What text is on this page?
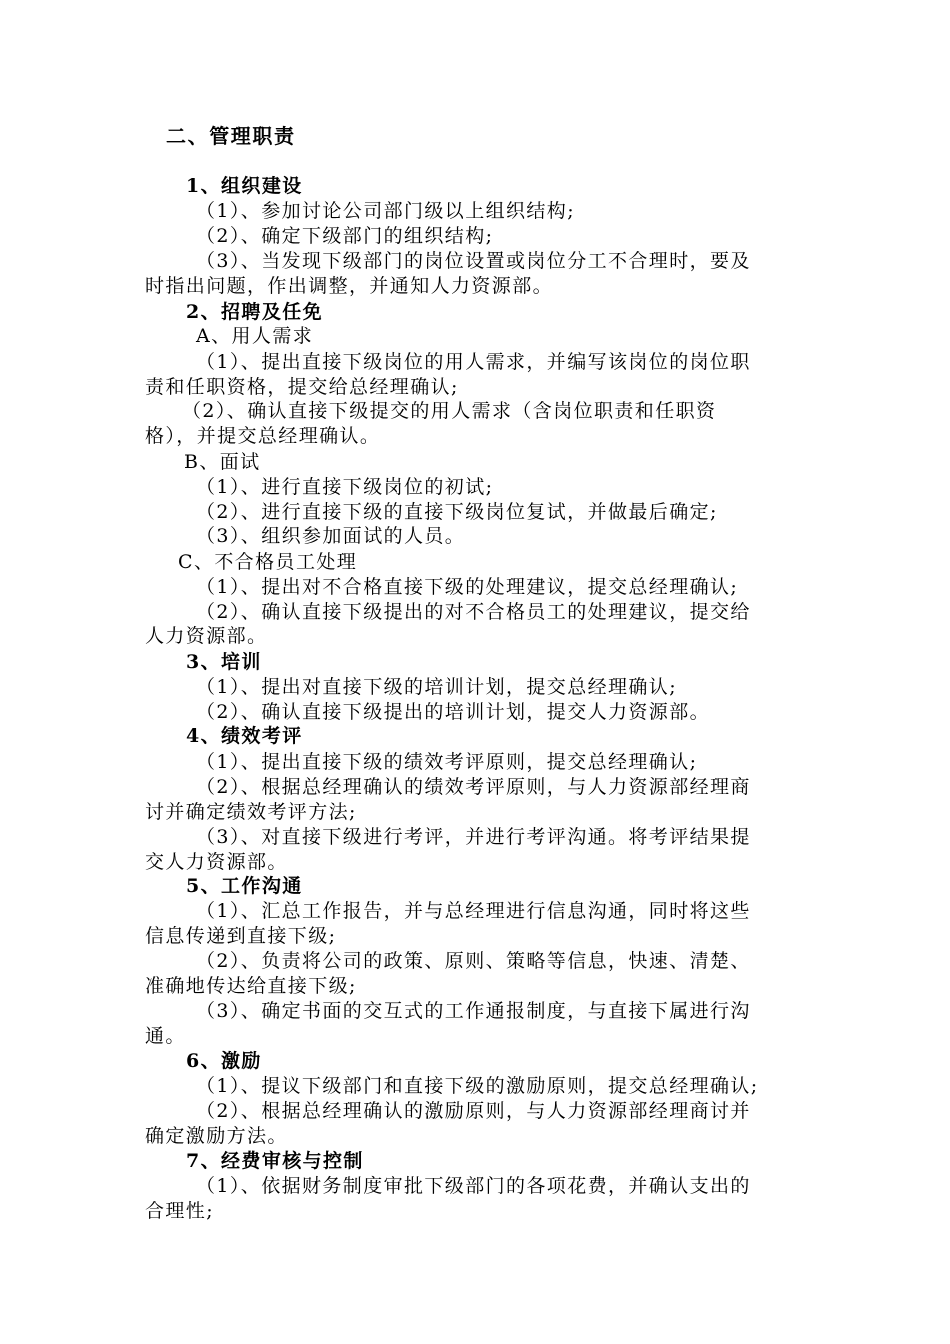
二、管理职责
1、组织建设
（1）、参加讨论公司部门级以上组织结构;
（2）、确定下级部门的组织结构;
（3）、当发现下级部门的岗位设置或岗位分工不合理时，要及
时指出问题，作出调整，并通知人力资源部。
2、招聘及任免
A、用人需求
（1）、提出直接下级岗位的用人需求，并编写该岗位的岗位职
责和任职资格，提交给总经理确认;
（2）、确认直接下级提交的用人需求（含岗位职责和任职资
格），并提交总经理确认。
B、面试
（1）、进行直接下级岗位的初试;
（2）、进行直接下级的直接下级岗位复试，并做最后确定;
（3）、组织参加面试的人员。
C、不合格员工处理
（1）、提出对不合格直接下级的处理建议，提交总经理确认;
（2）、确认直接下级提出的对不合格员工的处理建议，提交给
人力资源部。
3、培训
（1）、提出对直接下级的培训计划，提交总经理确认;
（2）、确认直接下级提出的培训计划，提交人力资源部。
4、绩效考评
（1）、提出直接下级的绩效考评原则，提交总经理确认;
（2）、根据总经理确认的绩效考评原则，与人力资源部经理商
讨并确定绩效考评方法;
（3）、对直接下级进行考评，并进行考评沟通。将考评结果提
交人力资源部。
5、工作沟通
（1）、汇总工作报告，并与总经理进行信息沟通，同时将这些
信息传递到直接下级;
（2）、负责将公司的政策、原则、策略等信息，快速、清楚、
准确地传达给直接下级;
（3）、确定书面的交互式的工作通报制度，与直接下属进行沟
通。
6、激励
（1）、提议下级部门和直接下级的激励原则，提交总经理确认;
（2）、根据总经理确认的激励原则，与人力资源部经理商讨并
确定激励方法。
7、经费审核与控制
（1）、依据财务制度审批下级部门的各项花费，并确认支出的
合理性;
